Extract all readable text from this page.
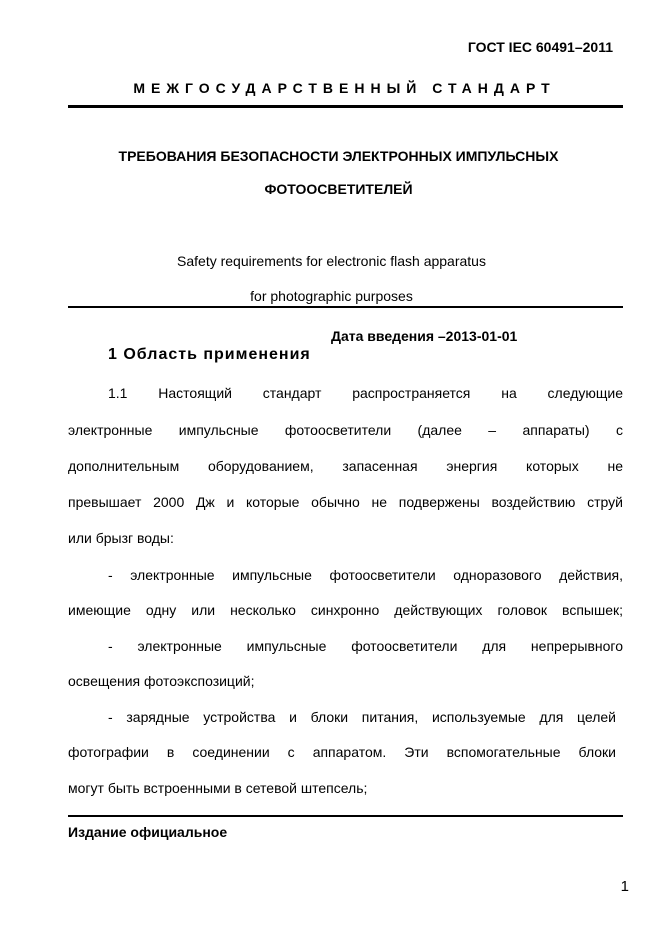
ГОСТ IEC 60491–2011
МЕЖГОСУДАРСТВЕННЫЙ СТАНДАРТ
ТРЕБОВАНИЯ БЕЗОПАСНОСТИ ЭЛЕКТРОННЫХ ИМПУЛЬСНЫХ
ФОТООСВЕТИТЕЛЕЙ
Safety requirements for electronic flash apparatus
for photographic purposes
Дата введения –2013-01-01
1 Область применения
1.1 Настоящий стандарт распространяется на следующие
электронные импульсные фотоосветители (далее – аппараты) с
дополнительным оборудованием, запасенная энергия которых не
превышает 2000 Дж и которые обычно не подвержены воздействию струй
или брызг воды:
- электронные импульсные фотоосветители одноразового действия,
имеющие одну или несколько синхронно действующих головок вспышек;
- электронные импульсные фотоосветители для непрерывного
освещения фотоэкспозиций;
- зарядные устройства и блоки питания, используемые для целей
фотографии в соединении с аппаратом. Эти вспомогательные блоки
могут быть встроенными в сетевой штепсель;
Издание официальное
1
